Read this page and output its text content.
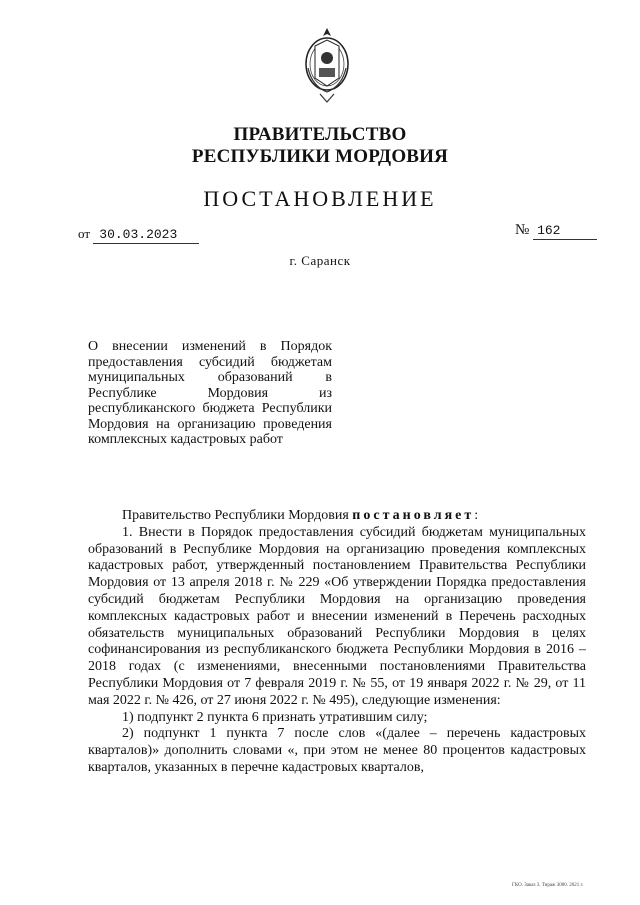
ПРАВИТЕЛЬСТВО
РЕСПУБЛИКИ МОРДОВИЯ
ПОСТАНОВЛЕНИЕ
от 30.03.2023	№ 162
г. Саранск
О внесении изменений в Порядок предоставления субсидий бюджетам муниципальных образований в Республике Мордовия из республиканского бюджета Республики Мордовия на организацию проведения комплексных кадастровых работ

Правительство Республики Мордовия постановляет:

1. Внести в Порядок предоставления субсидий бюджетам муниципальных образований в Республике Мордовия на организацию проведения комплексных кадастровых работ, утвержденный постановлением Правительства Республики Мордовия от 13 апреля 2018 г. № 229 «Об утверждении Порядка предоставления субсидий бюджетам Республики Мордовия на организацию проведения комплексных кадастровых работ и внесении изменений в Перечень расходных обязательств муниципальных образований Республики Мордовия в целях софинансирования из республиканского бюджета Республики Мордовия в 2016 – 2018 годах (с изменениями, внесенными постановлениями Правительства Республики Мордовия от 7 февраля 2019 г. № 55, от 19 января 2022 г. № 29, от 11 мая 2022 г. № 426, от 27 июня 2022 г. № 495), следующие изменения:

1) подпункт 2 пункта 6 признать утратившим силу;

2) подпункт 1 пункта 7 после слов «(далее – перечень кадастровых кварталов)» дополнить словами «, при этом не менее 80 процентов кадастровых кварталов, указанных в перечне кадастровых кварталов,

ГКО. Заказ 3. Тираж 3000. 2021 г.
